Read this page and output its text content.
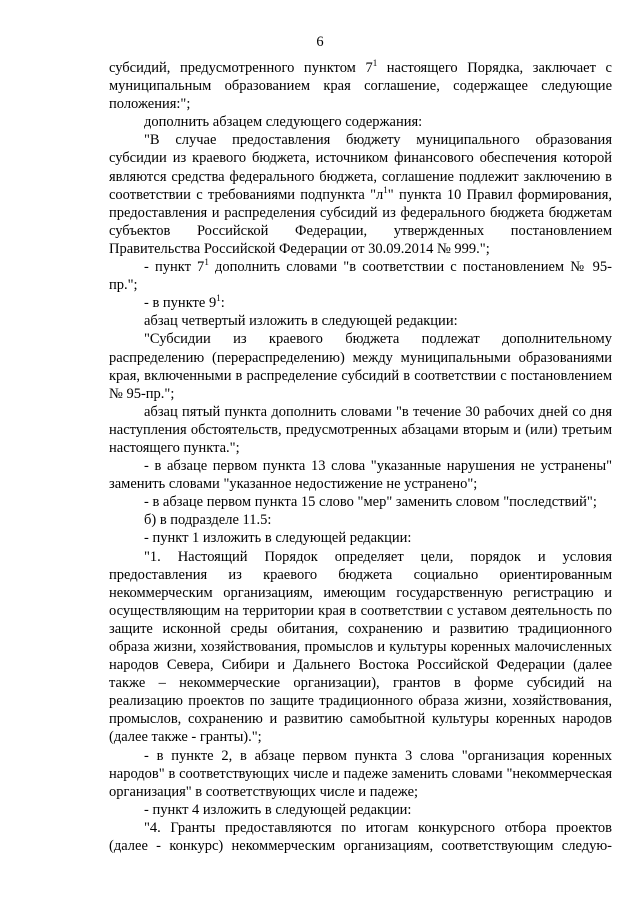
6

субсидий, предусмотренного пунктом $7^1$ настоящего Порядка, заключает с муниципальным образованием края соглашение, содержащее следующие положения:";

дополнить абзацем следующего содержания:

"В случае предоставления бюджету муниципального образования субсидии из краевого бюджета, источником финансового обеспечения которой являются средства федерального бюджета, соглашение подлежит заключению в соответствии с требованиями подпункта "$л^1$" пункта 10 Правил формирования, предоставления и распределения субсидий из федерального бюджета бюджетам субъектов Российской Федерации, утвержденных постановлением Правительства Российской Федерации от 30.09.2014 № 999.";

- пункт $7^1$ дополнить словами "в соответствии с постановлением № 95-пр.";

- в пункте $9^1$:

абзац четвертый изложить в следующей редакции:

"Субсидии из краевого бюджета подлежат дополнительному распределению (перераспределению) между муниципальными образованиями края, включенными в распределение субсидий в соответствии с постановлением № 95-пр.";

абзац пятый пункта дополнить словами "в течение 30 рабочих дней со дня наступления обстоятельств, предусмотренных абзацами вторым и (или) третьим настоящего пункта.";

- в абзаце первом пункта 13 слова "указанные нарушения не устранены" заменить словами "указанное недостижение не устранено";

- в абзаце первом пункта 15 слово "мер" заменить словом "последствий";

б) в подразделе 11.5:

- пункт 1 изложить в следующей редакции:

"1. Настоящий Порядок определяет цели, порядок и условия предоставления из краевого бюджета социально ориентированным некоммерческим организациям, имеющим государственную регистрацию и осуществляющим на территории края в соответствии с уставом деятельность по защите исконной среды обитания, сохранению и развитию традиционного образа жизни, хозяйствования, промыслов и культуры коренных малочисленных народов Севера, Сибири и Дальнего Востока Российской Федерации (далее также – некоммерческие организации), грантов в форме субсидий на реализацию проектов по защите традиционного образа жизни, хозяйствования, промыслов, сохранению и развитию самобытной культуры коренных народов (далее также - гранты).";

- в пункте 2, в абзаце первом пункта 3 слова "организация коренных народов" в соответствующих числе и падеже заменить словами "некоммерческая организация" в соответствующих числе и падеже;

- пункт 4 изложить в следующей редакции:

"4. Гранты предоставляются по итогам конкурсного отбора проектов (далее - конкурс) некоммерческим организациям, соответствующим следую-
